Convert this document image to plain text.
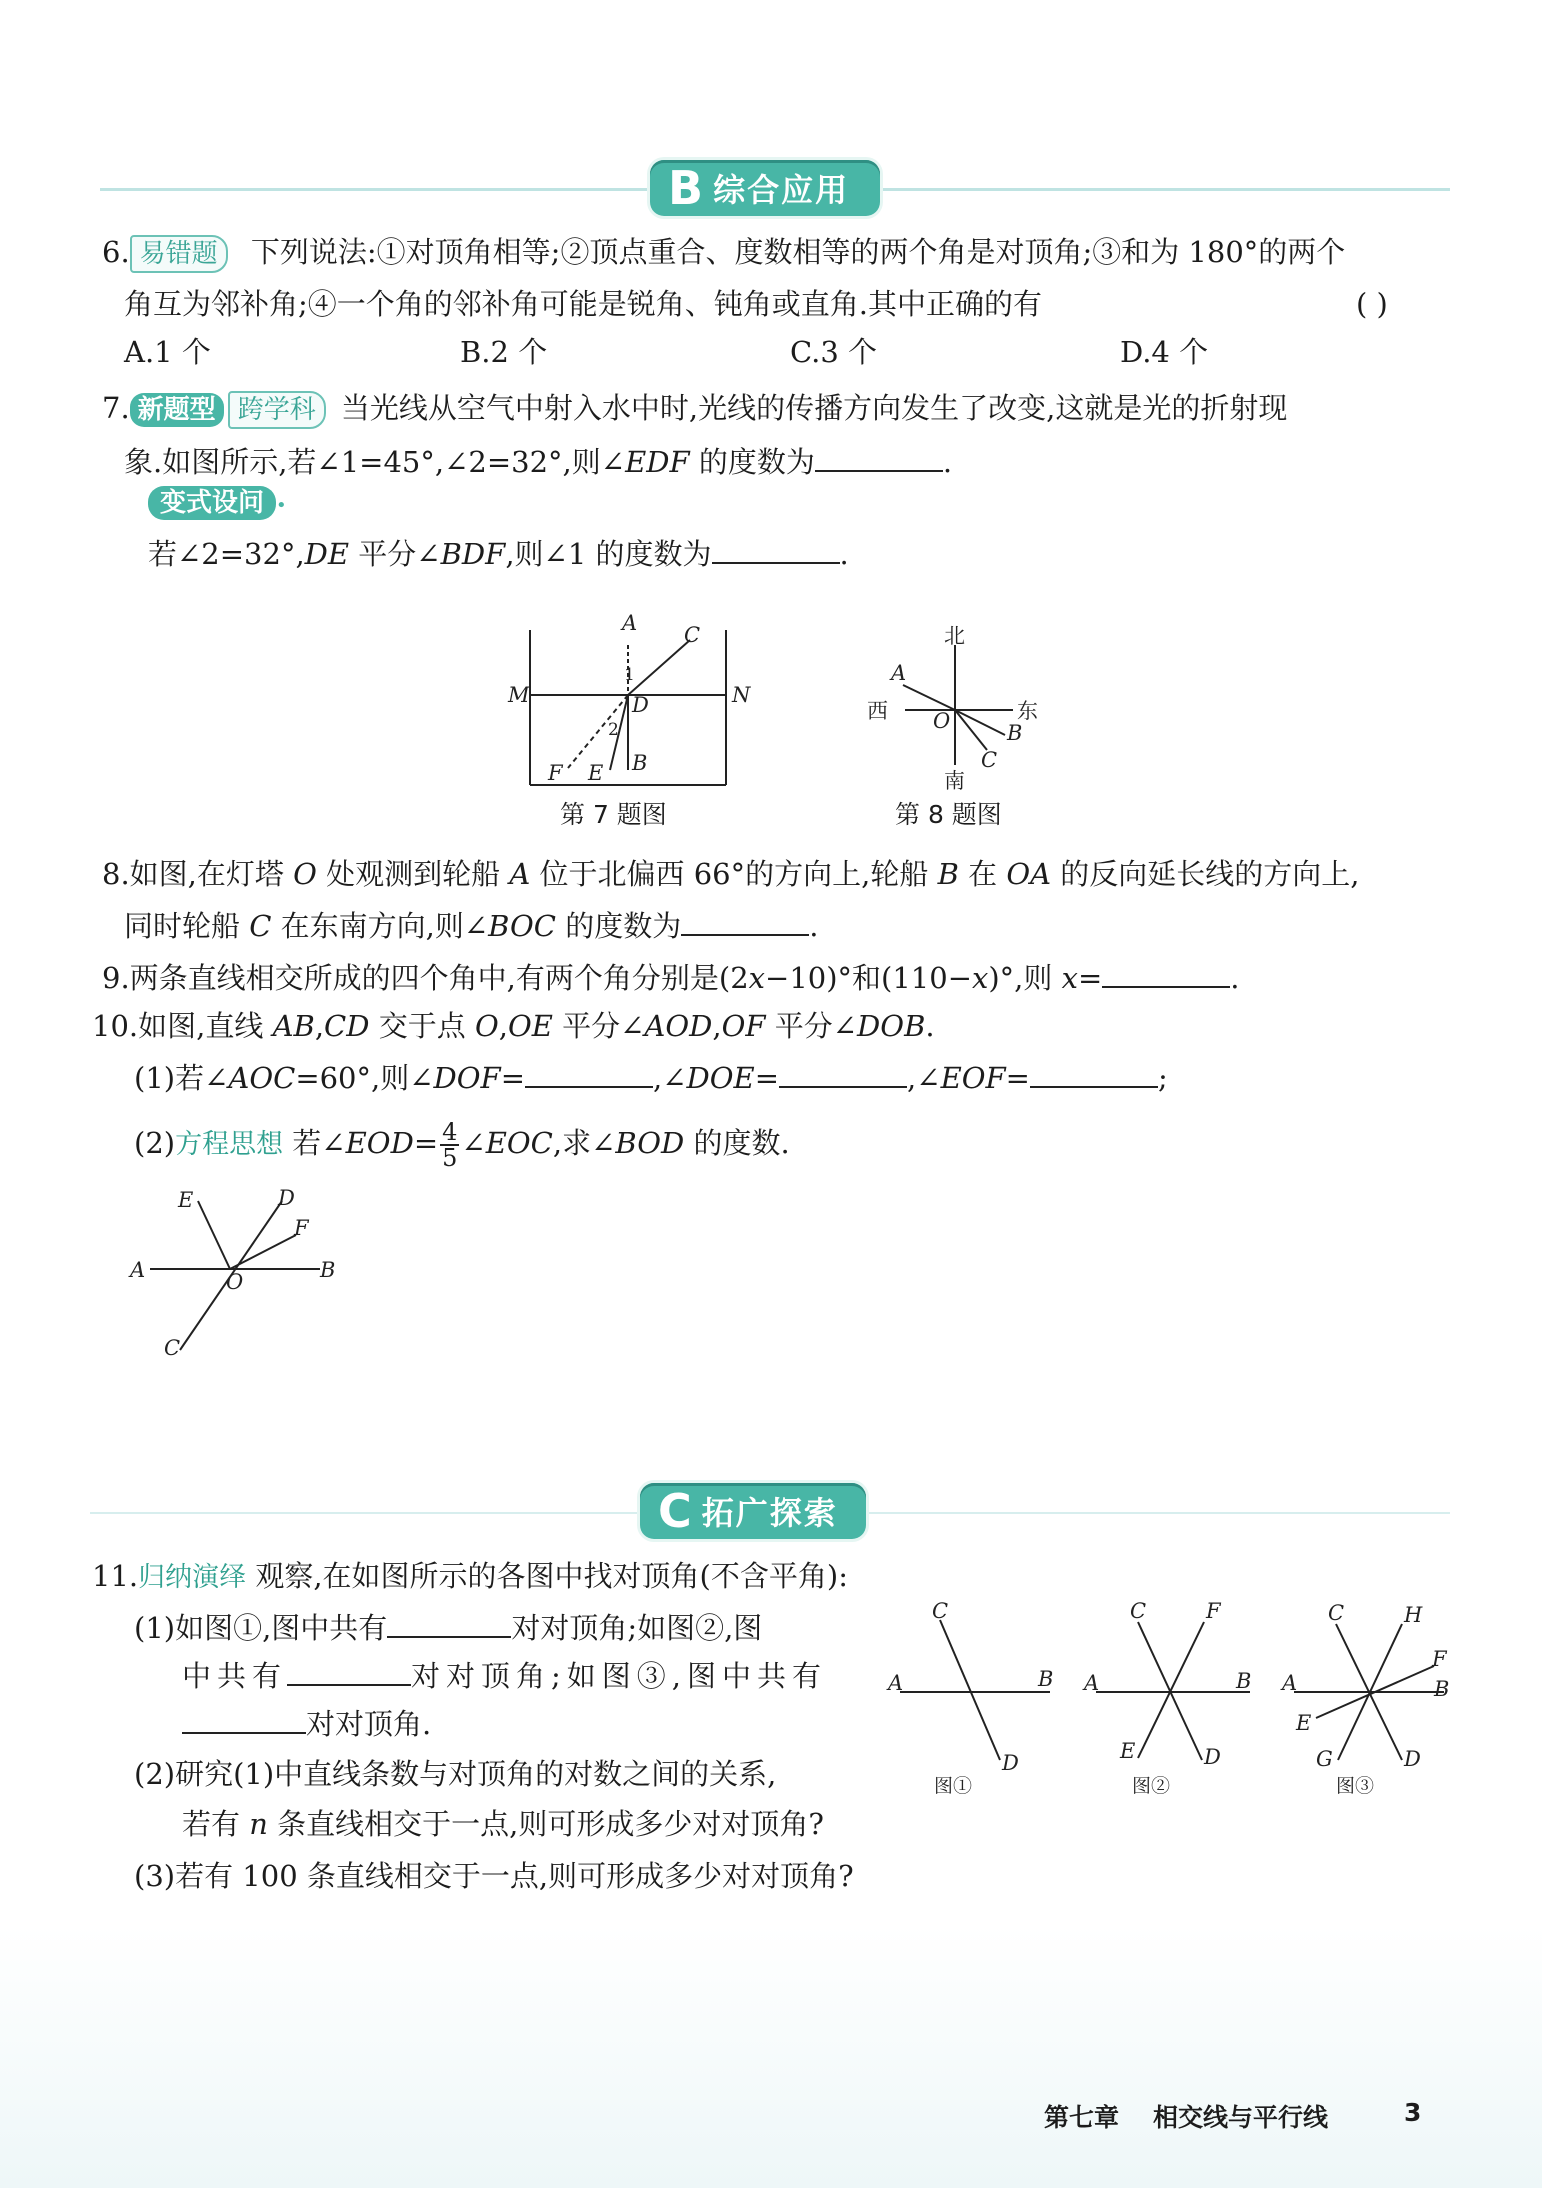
B 综合应用
6. 易错题 下列说法:①对顶角相等;②顶点重合、度数相等的两个角是对顶角;③和为 180°的两个
角互为邻补角;④一个角的邻补角可能是锐角、钝角或直角.其中正确的有	( )
A.1 个	B.2 个	C.3 个	D.4 个
7. 新题型 跨学科 当光线从空气中射入水中时,光线的传播方向发生了改变,这就是光的折射现
象.如图所示,若∠1=45°,∠2=32°,则∠EDF 的度数为	.
变式设问 •
若∠2=32°,DE 平分∠BDF,则∠1 的度数为	.
A C
M	N
D
1
2
F E B
第 7 题图
北
西	东
南
A
O	B
C
第 8 题图
8.如图,在灯塔 O 处观测到轮船 A 位于北偏西 66°的方向上,轮船 B 在 OA 的反向延长线的方向上,
同时轮船 C 在东南方向,则∠BOC 的度数为	.
9.两条直线相交所成的四个角中,有两个角分别是(2x−10)°和(110−x)°,则 x=	.
10.如图,直线 AB,CD 交于点 O,OE 平分∠AOD,OF 平分∠DOB.
(1)若∠AOC=60°,则∠DOF=	,∠DOE=	,∠EOF=	;
(2)方程思想 若∠EOD= $\frac{4}{5}$ ∠EOC,求∠BOD 的度数.
E	D
F
A	O	B
C
C 拓广探索
11.归纳演绎 观察,在如图所示的各图中找对顶角(不含平角):
(1)如图①,图中共有	对对顶角;如图②,图
中共有	对对顶角;如图③,图中共有
对对顶角.
(2)研究(1)中直线条数与对顶角的对数之间的关系,
若有 n 条直线相交于一点,则可形成多少对对顶角?
(3)若有 100 条直线相交于一点,则可形成多少对对顶角?
C
A	B
D
图①
C	F
A	B
E	D
图②
C	H
F
A	B
E
G	D
图③
第七章 相交线与平行线	3
